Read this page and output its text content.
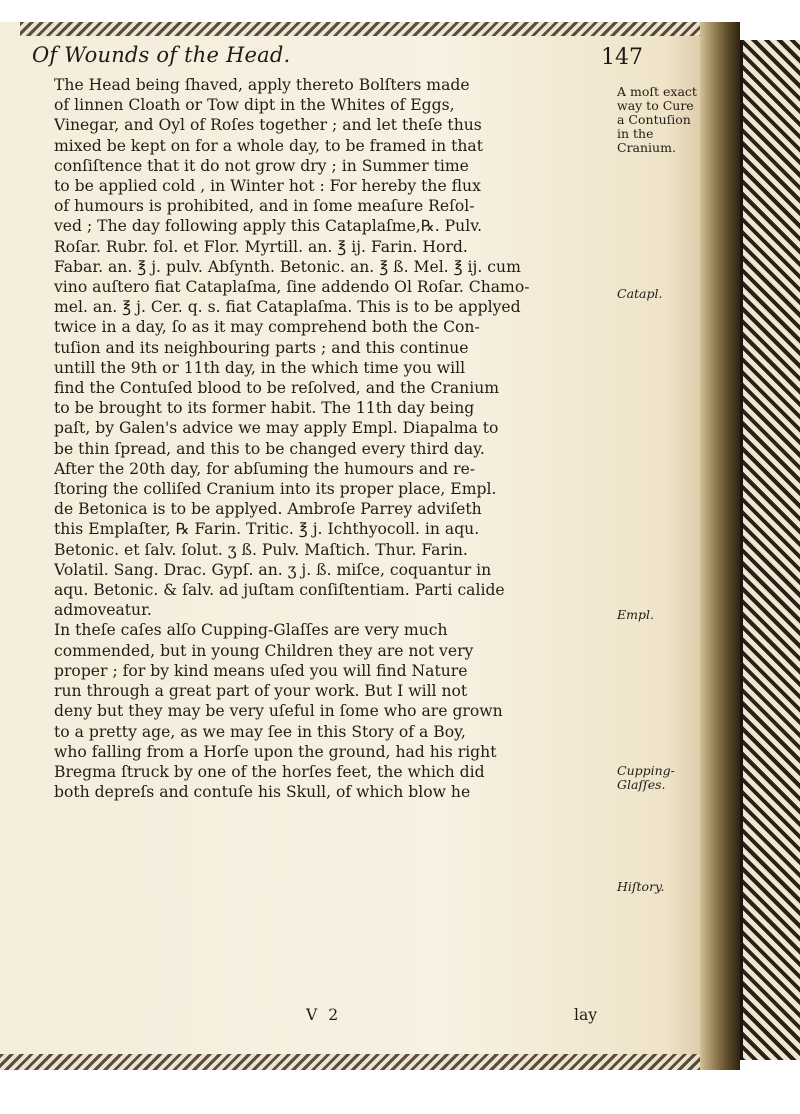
Of Wounds of the Head.	147
The Head being ſhaved, apply thereto Bolſters made
of linnen Cloath or Tow dipt in the Whites of Eggs,
Vinegar, and Oyl of Roſes together ; and let theſe thus
mixed be kept on for a whole day, to be framed in that
conſiſtence that it do not grow dry ; in Summer time
to be applied cold , in Winter hot : For hereby the flux
of humours is prohibited, and in ſome meaſure Reſol-
ved ; The day following apply this Cataplaſme,℞. Pulv.
Roſar. Rubr. fol. et Flor. Myrtill. an. ℥ ij. Farin. Hord.
Fabar. an. ℥ j. pulv. Abſynth. Betonic. an. ℥ ß. Mel. ℥ ij. cum
vino auſtero fiat Cataplaſma, ſine addendo Ol Roſar. Chamo-
mel. an. ℥ j. Cer. q. s. fiat Cataplaſma. This is to be applyed
twice in a day, ſo as it may comprehend both the Con-
tuſion and its neighbouring parts ; and this continue
untill the 9th or 11th day, in the which time you will
find the Contuſed blood to be reſolved, and the Cranium
to be brought to its former habit. The 11th day being
paſt, by Galen's advice we may apply Empl. Diapalma to
be thin ſpread, and this to be changed every third day.
After the 20th day, for abſuming the humours and re-
ſtoring the colliſed Cranium into its proper place, Empl.
de Betonica is to be applyed. Ambroſe Parrey adviſeth
this Emplaſter, ℞ Farin. Tritic. ℥ j. Ichthyocoll. in aqu.
Betonic. et ſalv. ſolut. ʒ ß. Pulv. Maſtich. Thur. Farin.
Volatil. Sang. Drac. Gypſ. an. ʒ j. ß. miſce, coquantur in
aqu. Betonic. & ſalv. ad juſtam conſiſtentiam. Parti calide
admoveatur.
In theſe caſes alſo Cupping-Glaſſes are very much
commended, but in young Children they are not very
proper ; for by kind means uſed you will find Nature
run through a great part of your work. But I will not
deny but they may be very uſeful in ſome who are grown
to a pretty age, as we may ſee in this Story of a Boy,
who falling from a Horſe upon the ground, had his right
Bregma ſtruck by one of the horſes feet, the which did
both depreſs and contuſe his Skull, of which blow he
A moſt exact way to Cure a Contuſion in the Cranium.
Catapl.
Empl.
Cupping-Glaſſes.
Hiſtory.
V 2	lay
